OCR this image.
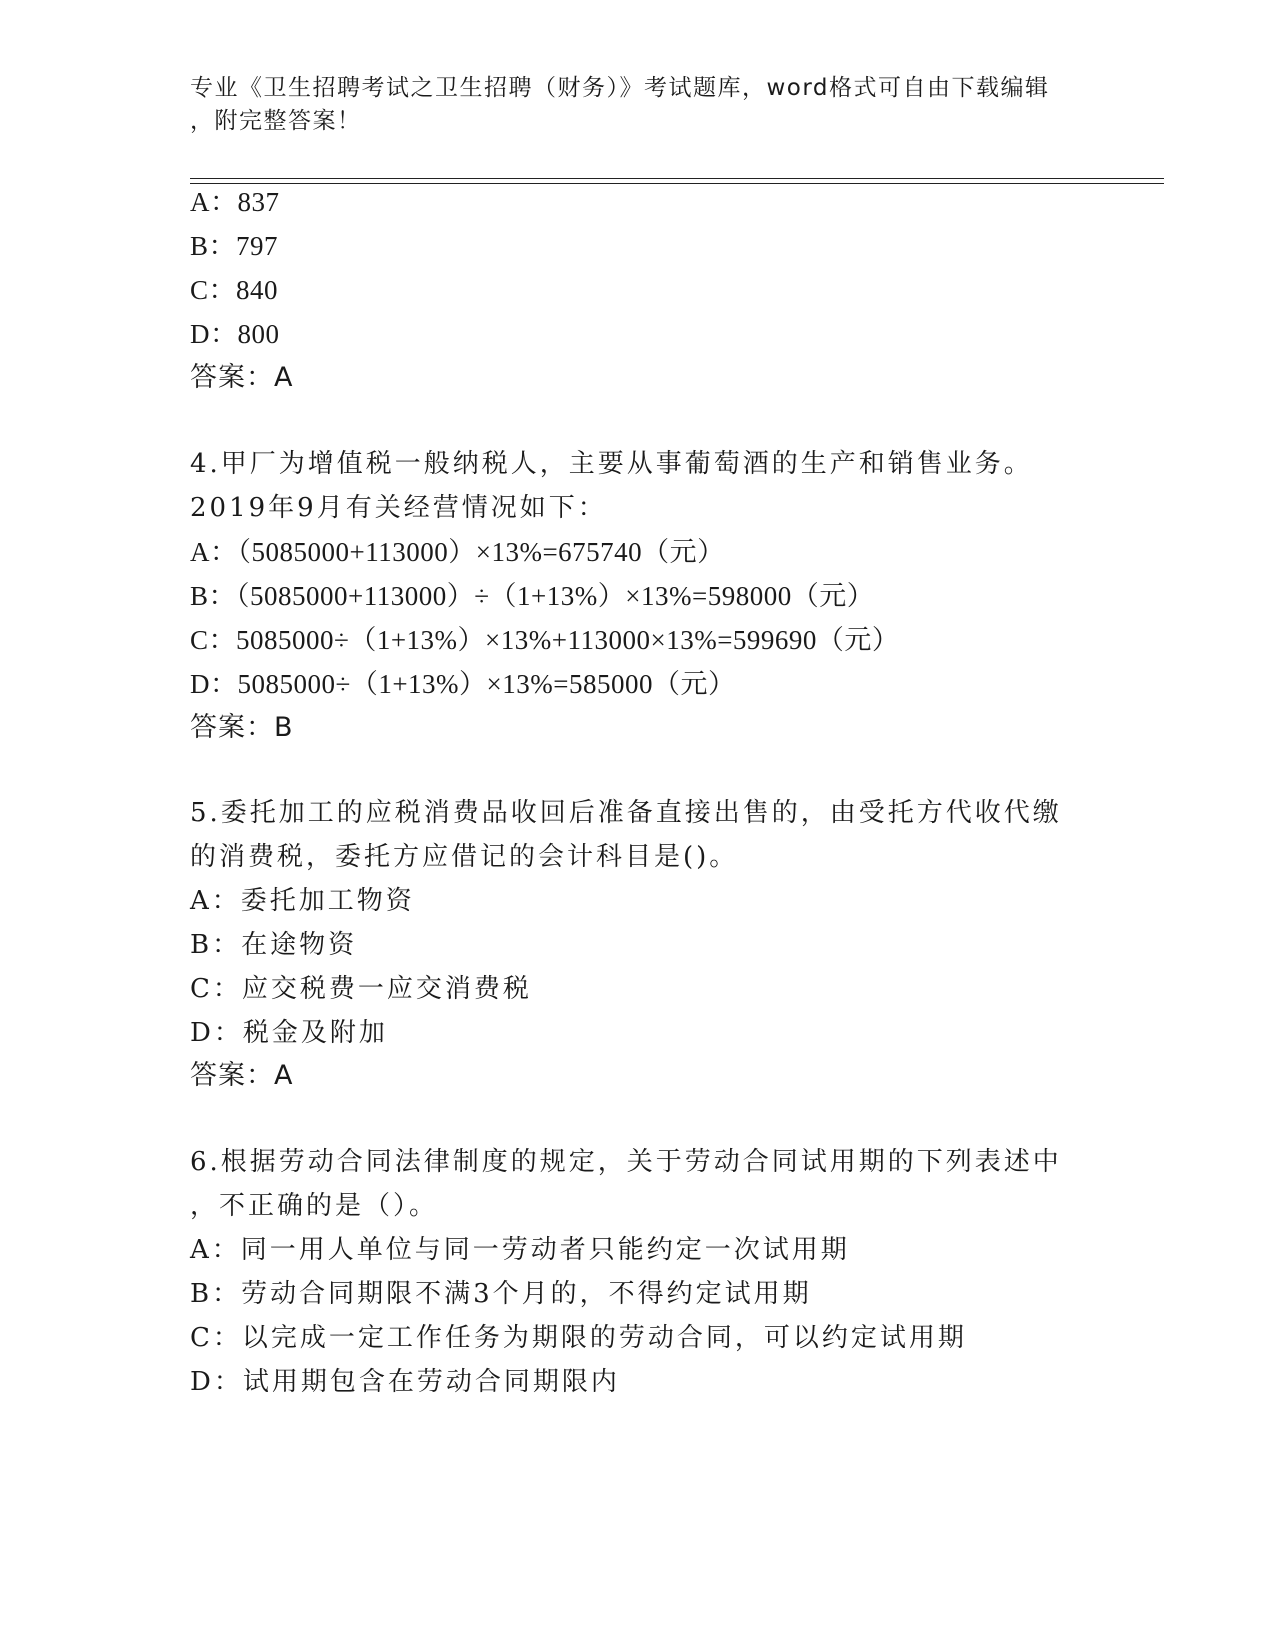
专业《卫生招聘考试之卫生招聘（财务）》考试题库，word格式可自由下载编辑
，附完整答案！
A：837
B：797
C：840
D：800
答案：A
4.甲厂为增值税一般纳税人，主要从事葡萄酒的生产和销售业务。
2019年9月有关经营情况如下：
A：（5085000+113000）×13%=675740（元）
B：（5085000+113000）÷（1+13%）×13%=598000（元）
C：5085000÷（1+13%）×13%+113000×13%=599690（元）
D：5085000÷（1+13%）×13%=585000（元）
答案：B
5.委托加工的应税消费品收回后准备直接出售的，由受托方代收代缴
的消费税，委托方应借记的会计科目是()。
A：委托加工物资
B：在途物资
C：应交税费一应交消费税
D：税金及附加
答案：A
6.根据劳动合同法律制度的规定，关于劳动合同试用期的下列表述中
，不正确的是（）。
A：同一用人单位与同一劳动者只能约定一次试用期
B：劳动合同期限不满3个月的，不得约定试用期
C：以完成一定工作任务为期限的劳动合同，可以约定试用期
D：试用期包含在劳动合同期限内
